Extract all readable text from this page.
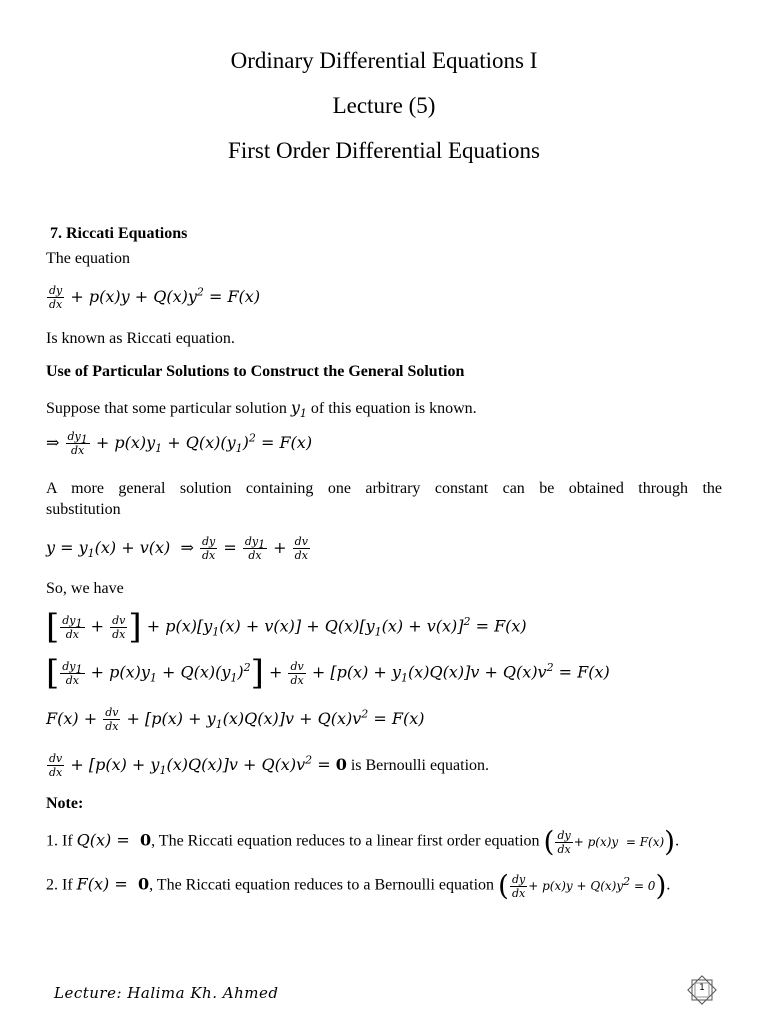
Ordinary Differential Equations I
Lecture (5)
First Order Differential Equations
7. Riccati Equations
The equation
$\frac{dy}{dx} + p(x)y + Q(x)y^2 = F(x)$
Is known as Riccati equation.
Use of Particular Solutions to Construct the General Solution
Suppose that some particular solution $y_1$ of this equation is known.
⇒ $\frac{dy_1}{dx} + p(x)y_1 + Q(x)(y_1)^2 = F(x)$
A more general solution containing one arbitrary constant can be obtained through the
substitution
$y = y_1(x) + v(x)$  ⇒ $\frac{dy}{dx} = \frac{dy_1}{dx} + \frac{dv}{dx}$
So, we have
[ $\frac{dy_1}{dx} + \frac{dv}{dx}$ ] + $p(x)[y_1(x) + v(x)] + Q(x)[y_1(x) + v(x)]^2 = F(x)$
[ $\frac{dy_1}{dx} + p(x)y_1 + Q(x)(y_1)^2] + \frac{dv}{dx} + [p(x) + y_1(x)Q(x)]v + Q(x)v^2 = F(x)$
$F(x) + \frac{dv}{dx} + [p(x) + y_1(x)Q(x)]v + Q(x)v^2 = F(x)$
$\frac{dv}{dx} + [p(x) + y_1(x)Q(x)]v + Q(x)v^2 = 0$ is Bernoulli equation.
Note:
1. If Q(x) =  0, The Riccati equation reduces to a linear first order equation ( $\frac{dy}{dx} + p(x)y = F(x)$).
2. If F(x) =  0, The Riccati equation reduces to a Bernoulli equation ( $\frac{dy}{dx} + p(x)y + Q(x)y^2 = 0$).
Lecture: Halima Kh. Ahmed	1
